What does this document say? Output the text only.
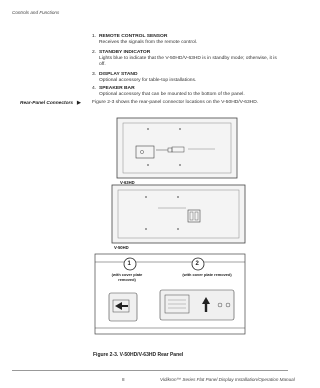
Controls and Functions
1. REMOTE CONTROL SENSOR
Receives the signals from the remote control.
2. STANDBY INDICATOR
Lights blue to indicate that the V-50HD/V-63HD is in standby mode; otherwise, it is off.
3. DISPLAY STAND
Optional accessory for table-top installations.
4. SPEAKER BAR
Optional accessory that can be mounted to the bottom of the panel.
Rear-Panel Connectors ▶ Figure 2-3 shows the rear-panel connector locations on the V-50HD/V-63HD.
V-63HD
V-50HD
1	2
(with cover plate removed)
(with cover plate removed)
Figure 2-3. V-50HD/V-63HD Rear Panel
8	Vidikron™ Series Flat Panel Display Installation/Operation Manual
